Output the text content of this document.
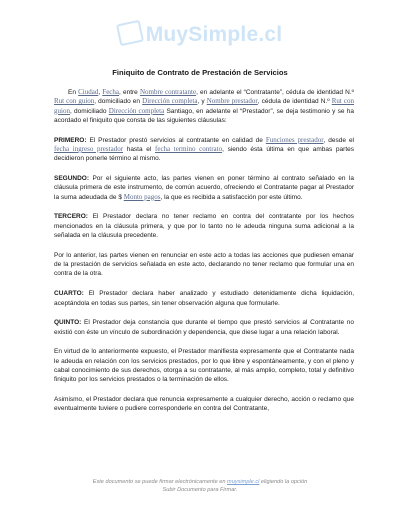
MuySimple.cl
Finiquito de Contrato de Prestación de Servicios

En Ciudad, Fecha, entre Nombre contratante, en adelante el “Contratante”, cédula de identidad N.º Rut con guion, domiciliado en Dirección completa, y Nombre prestador, cédula de identidad N.º Rut con guion, domiciliado Dirección completa Santiago, en adelante el “Prestador”, se deja testimonio y se ha acordado el finiquito que consta de las siguientes cláusulas:

PRIMERO: El Prestador prestó servicios al contratante en calidad de Funciones prestador, desde el fecha ingreso prestador hasta el fecha termino contrato, siendo ésta última en que ambas partes decidieron ponerle término al mismo.

SEGUNDO: Por el siguiente acto, las partes vienen en poner término al contrato señalado en la cláusula primera de este instrumento, de común acuerdo, ofreciendo el Contratante pagar al Prestador la suma adeudada de $ Monto pagos, la que es recibida a satisfacción por este último.

TERCERO: El Prestador declara no tener reclamo en contra del contratante por los hechos mencionados en la cláusula primera, y que por lo tanto no le adeuda ninguna suma adicional a la señalada en la cláusula precedente.

Por lo anterior, las partes vienen en renunciar en este acto a todas las acciones que pudiesen emanar de la prestación de servicios señalada en este acto, declarando no tener reclamo que formular una en contra de la otra.

CUARTO: El Prestador declara haber analizado y estudiado detenidamente dicha liquidación, aceptándola en todas sus partes, sin tener observación alguna que formularle.

QUINTO: El Prestador deja constancia que durante el tiempo que prestó servicios al Contratante no existió con éste un vínculo de subordinación y dependencia, que diese lugar a una relación laboral.

En virtud de lo anteriormente expuesto, el Prestador manifiesta expresamente que el Contratante nada le adeuda en relación con los servicios prestados, por lo que libre y espontáneamente, y con el pleno y cabal conocimiento de sus derechos, otorga a su contratante, al más amplio, completo, total y definitivo finiquito por los servicios prestados o la terminación de ellos.

Asimismo, el Prestador declara que renuncia expresamente a cualquier derecho, acción o reclamo que eventualmente tuviere o pudiere corresponderle en contra del Contratante,

Este documento se puede firmar electrónicamente en muysimple.cl eligiendo la opción
Subir Documento para Firmar.
